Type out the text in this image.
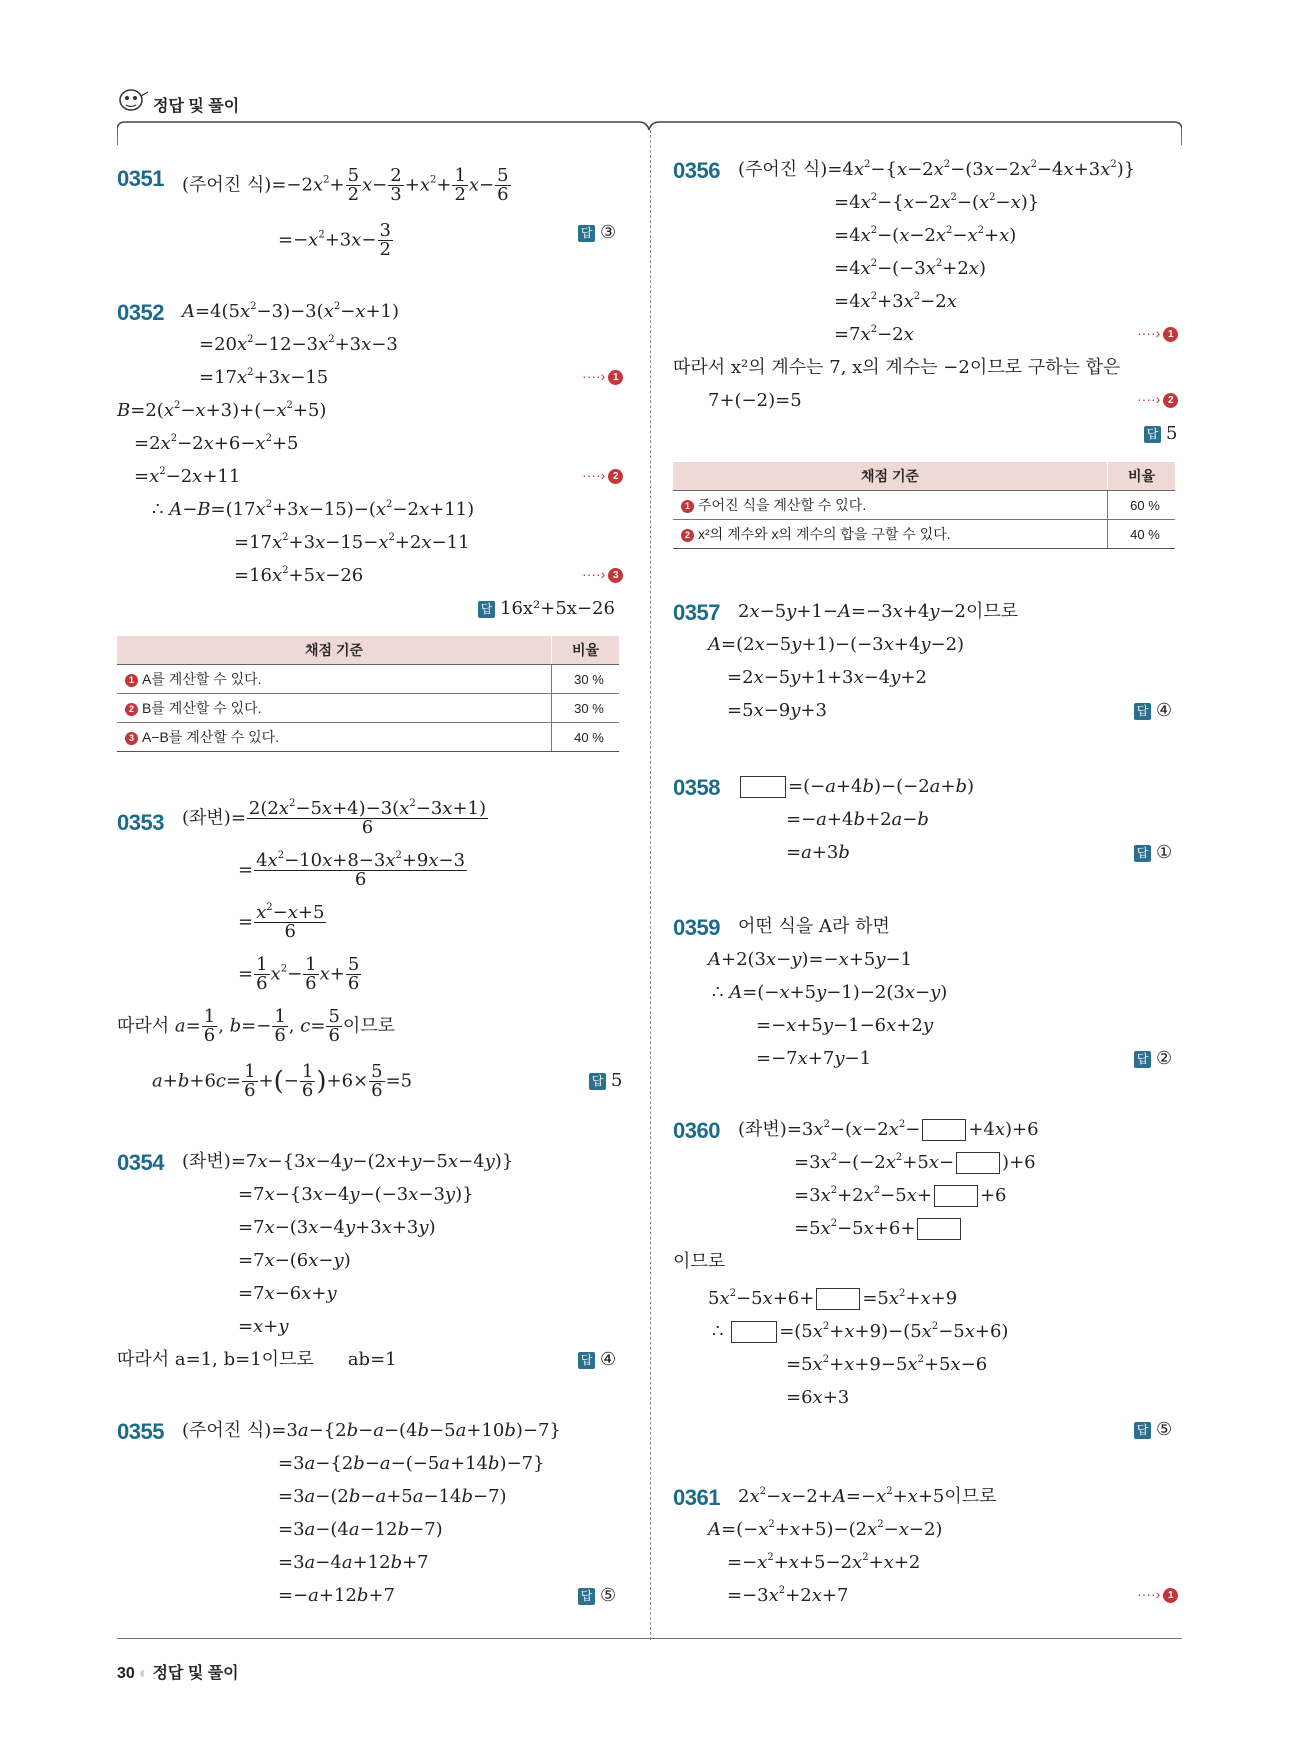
정답 및 풀이
0351 (주어진 식)$=-2x^2+ \frac{5}{2} x- \frac{2}{3} +x^2+ \frac{1}{2} x- \frac{5}{6}$
$=-x^2+3x- \frac{3}{2}$	답 ③
0352 $A=4(5x^2-3)-3(x^2-x+1)$
$=20x^2-12-3x^2+3x-3$
$=17x^2+3x-15$	····› 1
$B=2(x^2-x+3)+(-x^2+5)$
$=2x^2-2x+6-x^2+5$
$=x^2-2x+11$	····› 2
∴ $A-B=(17x^2+3x-15)-(x^2-2x+11)$
$=17x^2+3x-15-x^2+2x-11$
$=16x^2+5x-26$	····› 3
답 16x²+5x−26
채점 기준	비율
1 A를 계산할 수 있다.	30 %
2 B를 계산할 수 있다.	30 %
3 A−B를 계산할 수 있다.	40 %
0353 (좌변)= $\frac{2(2x^2-5x+4)-3(x^2-3x+1)}{6}$
= $\frac{4x^2-10x+8-3x^2+9x-3}{6}$
= $\frac{x^2-x+5}{6}$
= $\frac{1}{6} x^2- \frac{1}{6} x+ \frac{5}{6}$
따라서 $a= \frac{1}{6}$ , $b=- \frac{1}{6}$ , $c= \frac{5}{6}$ 이므로
$a+b+6c= \frac{1}{6}$ +(− $\frac{1}{6} )+6\times \frac{5}{6} =5$	답 5
0354 (좌변)=7x−{3x−4y−(2x+y−5x−4y)}
=7x−{3x−4y−(−3x−3y)}
=7x−(3x−4y+3x+3y)
=7x−(6x−y)
=7x−6x+y
=x+y
따라서 a=1, b=1이므로 ab=1	답 ④
0355 (주어진 식)=3a−{2b−a−(4b−5a+10b)−7}
=3a−{2b−a−(−5a+14b)−7}
=3a−(2b−a+5a−14b−7)
=3a−(4a−12b−7)
=3a−4a+12b+7
=−a+12b+7	답 ⑤
0356 (주어진 식)$=4x^2-\{x-2x^2-(3x-2x^2-4x+3x^2)\}$
$=4x^2-\{x-2x^2-(x^2-x)\}$
$=4x^2-(x-2x^2-x^2+x)$
$=4x^2-(-3x^2+2x)$
$=4x^2+3x^2-2x$
$=7x^2-2x$	····› 1
따라서 x²의 계수는 7, x의 계수는 −2이므로 구하는 합은
7+(−2)=5	····› 2
답 5
채점 기준	비율
1 주어진 식을 계산할 수 있다.	60 %
2 x²의 계수와 x의 계수의 합을 구할 수 있다.	40 %
0357 2x−5y+1−A=−3x+4y−2이므로
A=(2x−5y+1)−(−3x+4y−2)
=2x−5y+1+3x−4y+2
=5x−9y+3	답 ④
0358	=(−a+4b)−(−2a+b)
=−a+4b+2a−b
=a+3b	답 ①
0359 어떤 식을 A라 하면
A+2(3x−y)=−x+5y−1
∴ A=(−x+5y−1)−2(3x−y)
=−x+5y−1−6x+2y
=−7x+7y−1	답 ②
0360 (좌변)$=3x^2-(x-2x^2-$	+4x)+6
$=3x^2-(-2x^2+5x-$	)+6
$=3x^2+2x^2-5x+$	+6
$=5x^2-5x+6+$
이므로
$5x^2-5x+6+$	$=5x^2+x+9$
∴	$=(5x^2+x+9)-(5x^2-5x+6)$
$=5x^2+x+9-5x^2+5x-6$
=6x+3
답 ⑤
0361 $2x^2-x-2+A=-x^2+x+5$이므로
$A=(-x^2+x+5)-(2x^2-x-2)$
$=-x^2+x+5-2x^2+x+2$
$=-3x^2+2x+7$	····› 1
30 ◐ 정답 및 풀이
